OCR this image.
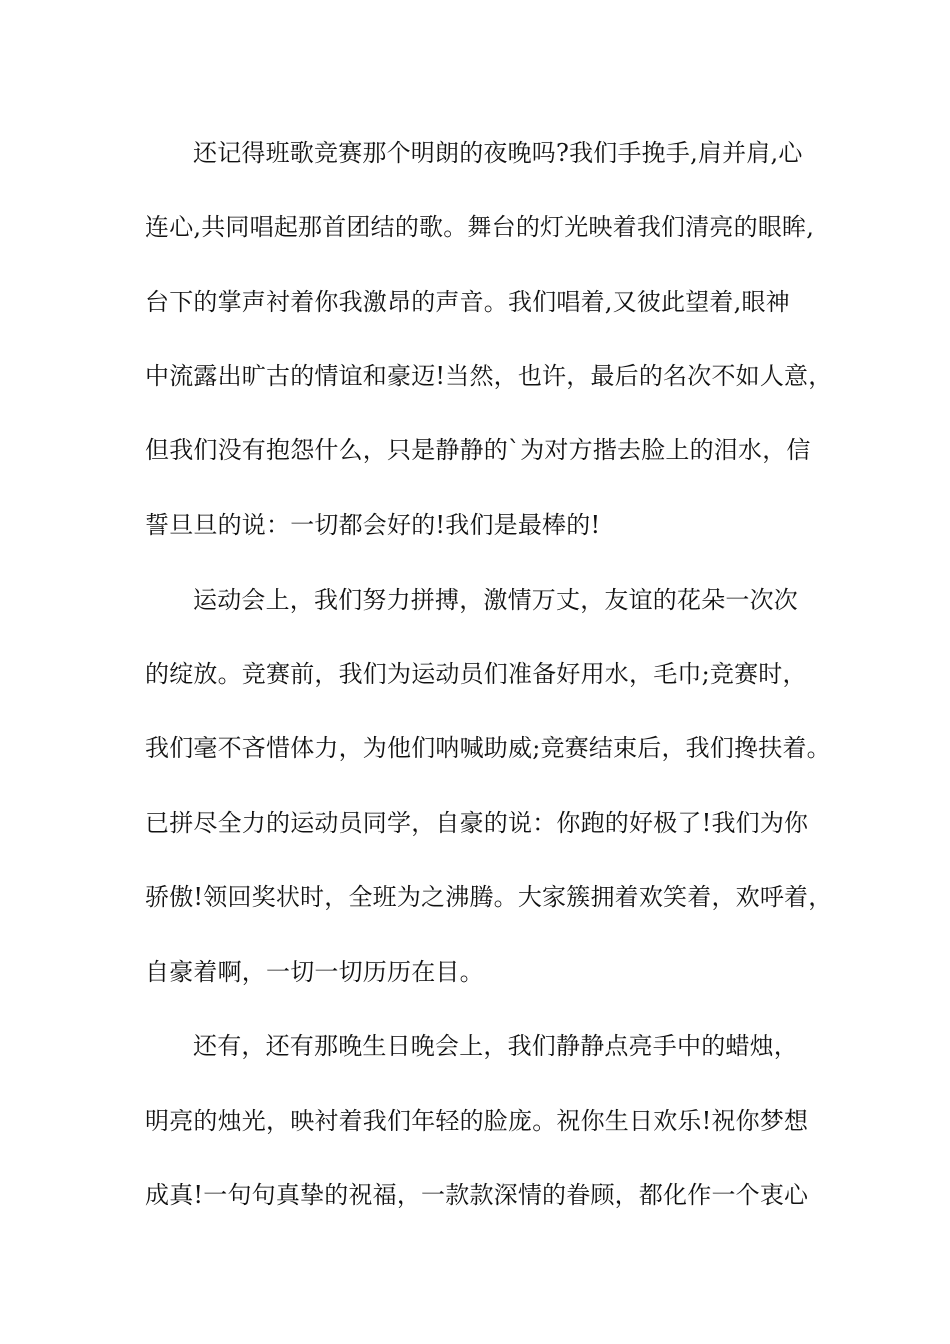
还记得班歌竞赛那个明朗的夜晚吗?我们手挽手,肩并肩,心
连心,共同唱起那首团结的歌。舞台的灯光映着我们清亮的眼眸,
台下的掌声衬着你我激昂的声音。我们唱着,又彼此望着,眼神
中流露出旷古的情谊和豪迈!当然，也许，最后的名次不如人意，
但我们没有抱怨什么，只是静静的`为对方揩去脸上的泪水，信
誓旦旦的说：一切都会好的!我们是最棒的!
运动会上，我们努力拼搏，激情万丈，友谊的花朵一次次
的绽放。竞赛前，我们为运动员们准备好用水，毛巾;竞赛时，
我们毫不吝惜体力，为他们呐喊助威;竞赛结束后，我们搀扶着。
已拼尽全力的运动员同学，自豪的说：你跑的好极了!我们为你
骄傲!领回奖状时，全班为之沸腾。大家簇拥着欢笑着，欢呼着，
自豪着啊，一切一切历历在目。
还有，还有那晚生日晚会上，我们静静点亮手中的蜡烛，
明亮的烛光，映衬着我们年轻的脸庞。祝你生日欢乐!祝你梦想
成真!一句句真挚的祝福，一款款深情的眷顾，都化作一个衷心
